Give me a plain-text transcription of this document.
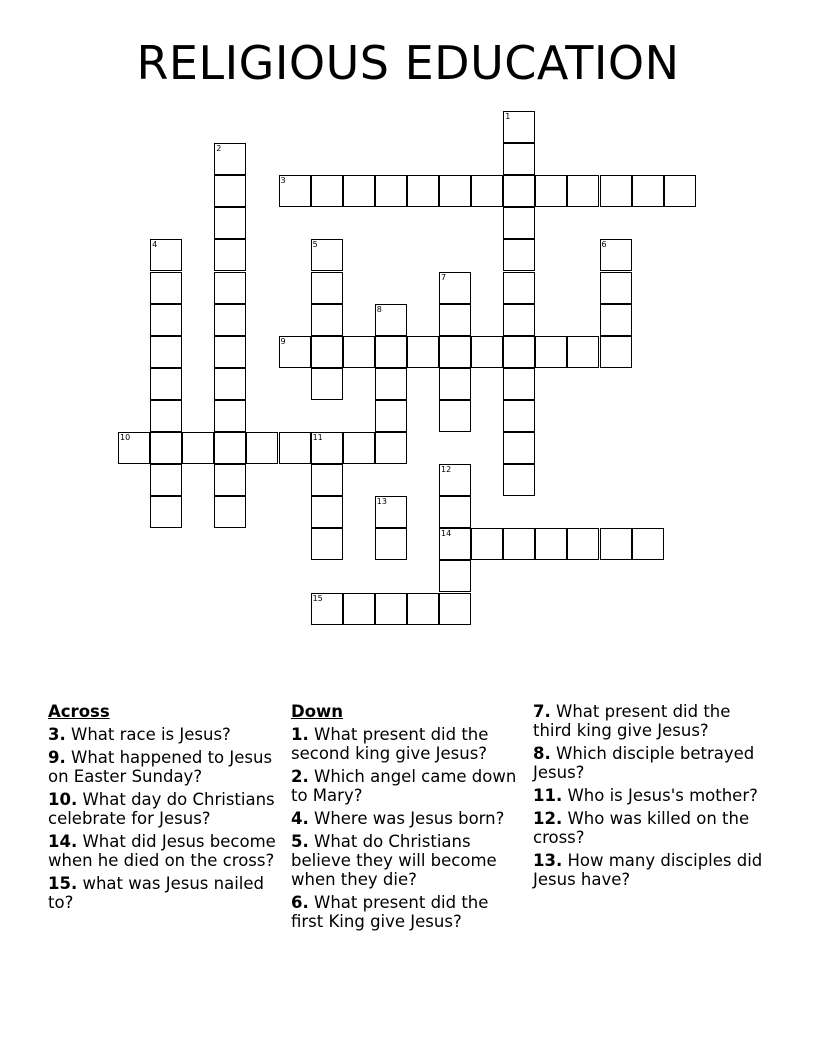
RELIGIOUS EDUCATION
1
2
3
4	5	6
7
8
9
10	11
12
14
13
15
Across
3. What race is Jesus?
9. What happened to Jesus on Easter Sunday?
10. What day do Christians celebrate for Jesus?
14. What did Jesus become when he died on the cross?
15. what was Jesus nailed to?
Down
1. What present did the second king give Jesus?
2. Which angel came down to Mary?
4. Where was Jesus born?
5. What do Christians believe they will become when they die?
6. What present did the first King give Jesus?
7. What present did the third king give Jesus?
8. Which disciple betrayed Jesus?
11. Who is Jesus's mother?
12. Who was killed on the cross?
13. How many disciples did Jesus have?
